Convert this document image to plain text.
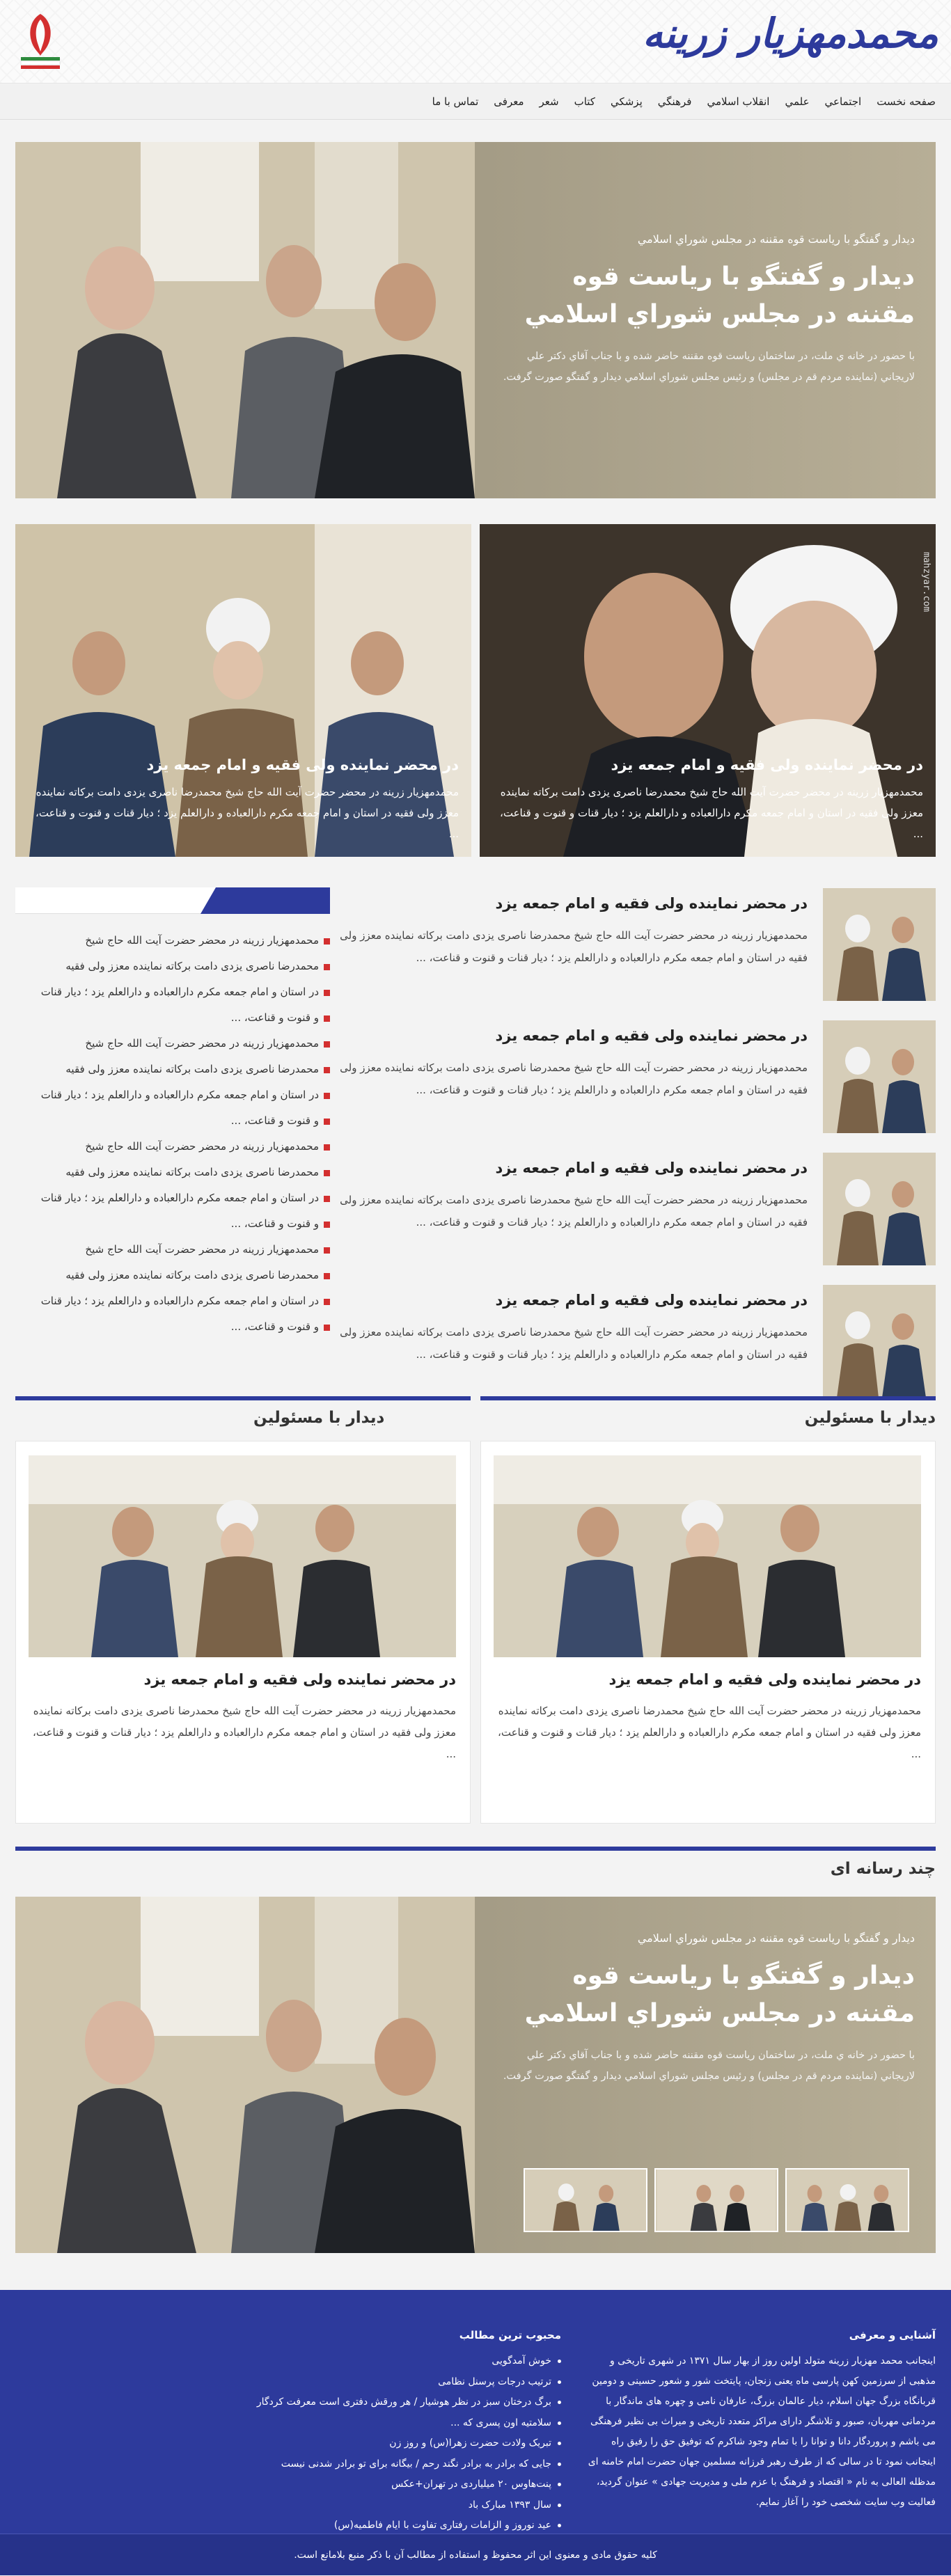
محمدمهزیار زرینه
صفحه نخست
اجتماعي
علمي
انقلاب اسلامي
فرهنگي
پزشکي
کتاب
شعر
معرفی
تماس با ما
ديدار و گفتگو با رياست قوه مقننه در مجلس شوراي اسلامي
ديدار و گفتگو با رياست قوه مقننه در مجلس شوراي اسلامي
با حضور در خانه ي ملت، در ساختمان رياست قوه مقننه حاضر شده و با جناب آقاي دکتر علي لاريجاني (نماينده مردم قم در مجلس) و رئيس مجلس شوراي اسلامي ديدار و گفتگو صورت گرفت.
mahzyar.com
در محضر نماینده ولی فقیه و امام جمعه یزد

محمدمهزیار زرینه در محضر حضرت آیت الله حاج شیخ محمدرضا ناصری یزدی دامت برکاته نماینده معزز ولی فقیه در استان و امام جمعه مکرم دارالعباده و دارالعلم یزد ؛ دیار قنات و قنوت و قناعت، ...

در محضر نماینده ولی فقیه و امام جمعه یزد

محمدمهزیار زرینه در محضر حضرت آیت الله حاج شیخ محمدرضا ناصری یزدی دامت برکاته نماینده معزز ولی فقیه در استان و امام جمعه مکرم دارالعباده و دارالعلم یزد ؛ دیار قنات و قنوت و قناعت، ...

در محضر نماینده ولی فقیه و امام جمعه یزد
محمدمهزیار زرینه در محضر حضرت آیت الله حاج شیخ محمدرضا ناصری یزدی دامت برکاته نماینده معزز ولی فقیه در استان و امام جمعه مکرم دارالعباده و دارالعلم یزد ؛ دیار قنات و قنوت و قناعت، ...
در محضر نماینده ولی فقیه و امام جمعه یزد
محمدمهزیار زرینه در محضر حضرت آیت الله حاج شیخ محمدرضا ناصری یزدی دامت برکاته نماینده معزز ولی فقیه در استان و امام جمعه مکرم دارالعباده و دارالعلم یزد ؛ دیار قنات و قنوت و قناعت، ...
در محضر نماینده ولی فقیه و امام جمعه یزد
محمدمهزیار زرینه در محضر حضرت آیت الله حاج شیخ محمدرضا ناصری یزدی دامت برکاته نماینده معزز ولی فقیه در استان و امام جمعه مکرم دارالعباده و دارالعلم یزد ؛ دیار قنات و قنوت و قناعت، ...
در محضر نماینده ولی فقیه و امام جمعه یزد
محمدمهزیار زرینه در محضر حضرت آیت الله حاج شیخ محمدرضا ناصری یزدی دامت برکاته نماینده معزز ولی فقیه در استان و امام جمعه مکرم دارالعباده و دارالعلم یزد ؛ دیار قنات و قنوت و قناعت، ...
محمدمهزیار زرینه در محضر حضرت آیت الله حاج شیخ
محمدرضا ناصری یزدی دامت برکاته نماینده معزز ولی فقیه
در استان و امام جمعه مکرم دارالعباده و دارالعلم یزد ؛ دیار قنات
و قنوت و قناعت، ...
محمدمهزیار زرینه در محضر حضرت آیت الله حاج شیخ
محمدرضا ناصری یزدی دامت برکاته نماینده معزز ولی فقیه
در استان و امام جمعه مکرم دارالعباده و دارالعلم یزد ؛ دیار قنات
و قنوت و قناعت، ...
محمدمهزیار زرینه در محضر حضرت آیت الله حاج شیخ
محمدرضا ناصری یزدی دامت برکاته نماینده معزز ولی فقیه
در استان و امام جمعه مکرم دارالعباده و دارالعلم یزد ؛ دیار قنات
و قنوت و قناعت، ...
محمدمهزیار زرینه در محضر حضرت آیت الله حاج شیخ
محمدرضا ناصری یزدی دامت برکاته نماینده معزز ولی فقیه
در استان و امام جمعه مکرم دارالعباده و دارالعلم یزد ؛ دیار قنات
و قنوت و قناعت، ...
ديدار با مسئولين
ديدار با مسئولين
در محضر نماینده ولی فقیه و امام جمعه یزد

محمدمهزیار زرینه در محضر حضرت آیت الله حاج شیخ محمدرضا ناصری یزدی دامت برکاته نماینده معزز ولی فقیه در استان و امام جمعه مکرم دارالعباده و دارالعلم یزد ؛ دیار قنات و قنوت و قناعت، ...

در محضر نماینده ولی فقیه و امام جمعه یزد

محمدمهزیار زرینه در محضر حضرت آیت الله حاج شیخ محمدرضا ناصری یزدی دامت برکاته نماینده معزز ولی فقیه در استان و امام جمعه مکرم دارالعباده و دارالعلم یزد ؛ دیار قنات و قنوت و قناعت، ...

چند رسانه ای
ديدار و گفتگو با رياست قوه مقننه در مجلس شوراي اسلامي
ديدار و گفتگو با رياست قوه مقننه در مجلس شوراي اسلامي
با حضور در خانه ي ملت، در ساختمان رياست قوه مقننه حاضر شده و با جناب آقاي دکتر علي لاريجاني (نماينده مردم قم در مجلس) و رئيس مجلس شوراي اسلامي ديدار و گفتگو صورت گرفت.
آشنایی و معرفی

اینجانب محمد مهزیار زرینه متولد اولین روز از بهار سال ۱۳۷۱ در شهری تاریخی و مذهبی از سرزمین کهن پارسی ماه یعنی زنجان، پایتخت شور و شعور حسینی و دومین قربانگاه بزرگ جهان اسلام، دیار عالمان بزرگ، عارفان نامی و چهره های ماندگار با مردمانی مهربان، صبور و تلاشگر دارای مراکز متعدد تاریخی و میراث بی نظیر فرهنگی می باشم و پروردگار دانا و توانا را با تمام وجود شاکرم که توفیق حق را رفیق راه اینجانب نمود تا در سالی که از طرف رهبر فرزانه مسلمین جهان حضرت امام خامنه ای مدظله العالی به نام « اقتصاد و فرهنگ با عزم ملی و مدیریت جهادی » عنوان گردید، فعالیت وب سایت شخصی خود را آغاز نمایم.

محبوب ترین مطالب
خوش آمدگویی
ترتیب درجات پرسنل نظامی
برگ درختان سبز در نظر هوشیار / هر ورقش دفتری است معرفت کردگار
سلامتیه اون پسری که ...
تبریک ولادت حضرت زهرا(س) و روز زن
جایی که برادر به برادر نگند رحم / بیگانه برای تو برادر شدنی نیست
پنت‌هاوس ۲۰ میلیاردی در تهران+عکس
سال ۱۳۹۳ مبارک باد
عید نوروز و الزامات رفتاری تفاوت با ایام فاطمیه(س)
کلیه حقوق مادی و معنوی این اثر محفوظ و استفاده از مطالب آن با ذکر منبع بلامانع است.
